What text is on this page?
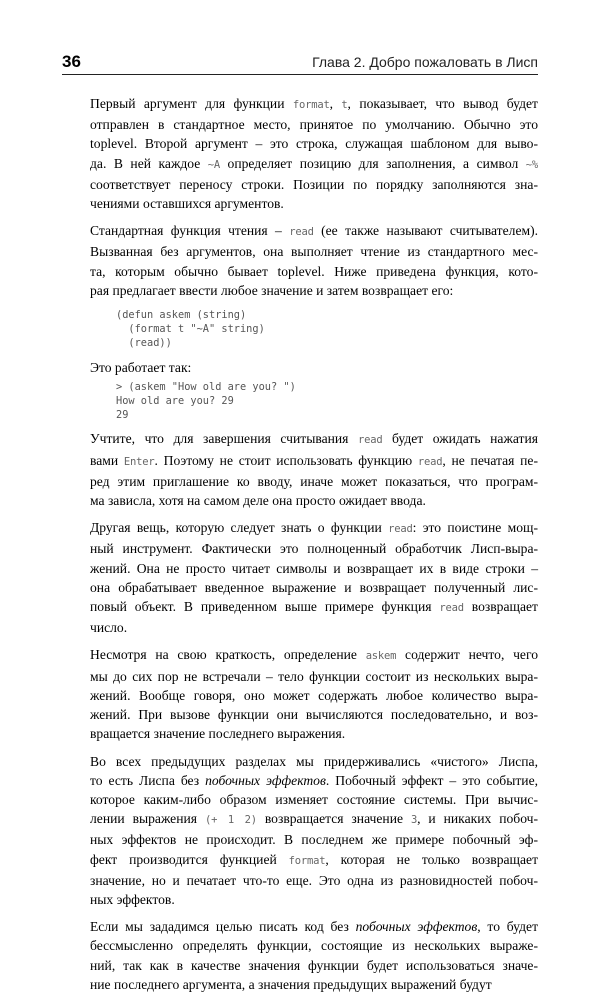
36	Глава 2. Добро пожаловать в Лисп
Первый аргумент для функции format, t, показывает, что вывод будет
отправлен в стандартное место, принятое по умолчанию. Обычно это
toplevel. Второй аргумент – это строка, служащая шаблоном для выво-
да. В ней каждое ~A определяет позицию для заполнения, а символ ~%
соответствует переносу строки. Позиции по порядку заполняются зна-
чениями оставшихся аргументов.
Стандартная функция чтения – read (ее также называют считывателем).
Вызванная без аргументов, она выполняет чтение из стандартного мес-
та, которым обычно бывает toplevel. Ниже приведена функция, кото-
рая предлагает ввести любое значение и затем возвращает его:
(defun askem (string)
(format t "~A" string)
(read))
Это работает так:
> (askem "How old are you? ")
How old are you? 29
29
Учтите, что для завершения считывания read будет ожидать нажатия
вами Enter. Поэтому не стоит использовать функцию read, не печатая пе-
ред этим приглашение ко вводу, иначе может показаться, что програм-
ма зависла, хотя на самом деле она просто ожидает ввода.
Другая вещь, которую следует знать о функции read: это поистине мощ-
ный инструмент. Фактически это полноценный обработчик Лисп-выра-
жений. Она не просто читает символы и возвращает их в виде строки –
она обрабатывает введенное выражение и возвращает полученный лис-
повый объект. В приведенном выше примере функция read возвращает
число.
Несмотря на свою краткость, определение askem содержит нечто, чего
мы до сих пор не встречали – тело функции состоит из нескольких выра-
жений. Вообще говоря, оно может содержать любое количество выра-
жений. При вызове функции они вычисляются последовательно, и воз-
вращается значение последнего выражения.
Во всех предыдущих разделах мы придерживались «чистого» Лиспа,
то есть Лиспа без побочных эффектов. Побочный эффект – это событие,
которое каким-либо образом изменяет состояние системы. При вычис-
лении выражения (+ 1 2) возвращается значение 3, и никаких побоч-
ных эффектов не происходит. В последнем же примере побочный эф-
фект производится функцией format, которая не только возвращает
значение, но и печатает что-то еще. Это одна из разновидностей побоч-
ных эффектов.
Если мы зададимся целью писать код без побочных эффектов, то будет
бессмысленно определять функции, состоящие из нескольких выраже-
ний, так как в качестве значения функции будет использоваться значе-
ние последнего аргумента, а значения предыдущих выражений будут
